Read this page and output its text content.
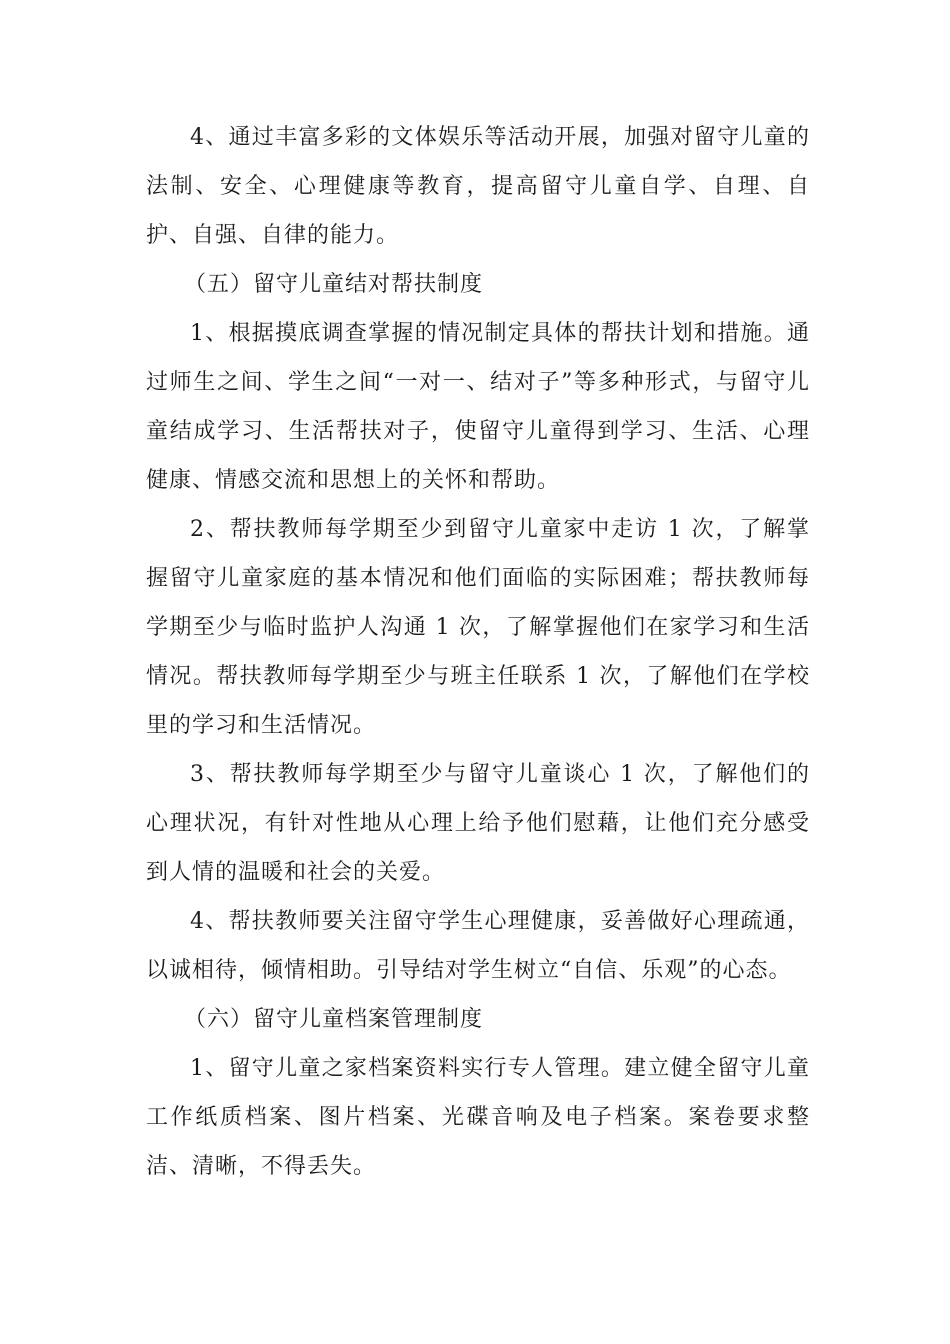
4、通过丰富多彩的文体娱乐等活动开展，加强对留守儿童的法制、安全、心理健康等教育，提高留守儿童自学、自理、自护、自强、自律的能力。

（五）留守儿童结对帮扶制度

1、根据摸底调查掌握的情况制定具体的帮扶计划和措施。通过师生之间、学生之间“一对一、结对子”等多种形式，与留守儿童结成学习、生活帮扶对子，使留守儿童得到学习、生活、心理健康、情感交流和思想上的关怀和帮助。

2、帮扶教师每学期至少到留守儿童家中走访 1 次，了解掌握留守儿童家庭的基本情况和他们面临的实际困难；帮扶教师每学期至少与临时监护人沟通 1 次，了解掌握他们在家学习和生活情况。帮扶教师每学期至少与班主任联系 1 次，了解他们在学校里的学习和生活情况。

3、帮扶教师每学期至少与留守儿童谈心 1 次，了解他们的心理状况，有针对性地从心理上给予他们慰藉，让他们充分感受到人情的温暖和社会的关爱。

4、帮扶教师要关注留守学生心理健康，妥善做好心理疏通，以诚相待，倾情相助。引导结对学生树立“自信、乐观”的心态。

（六）留守儿童档案管理制度

1、留守儿童之家档案资料实行专人管理。建立健全留守儿童工作纸质档案、图片档案、光碟音响及电子档案。案卷要求整洁、清晰，不得丢失。
